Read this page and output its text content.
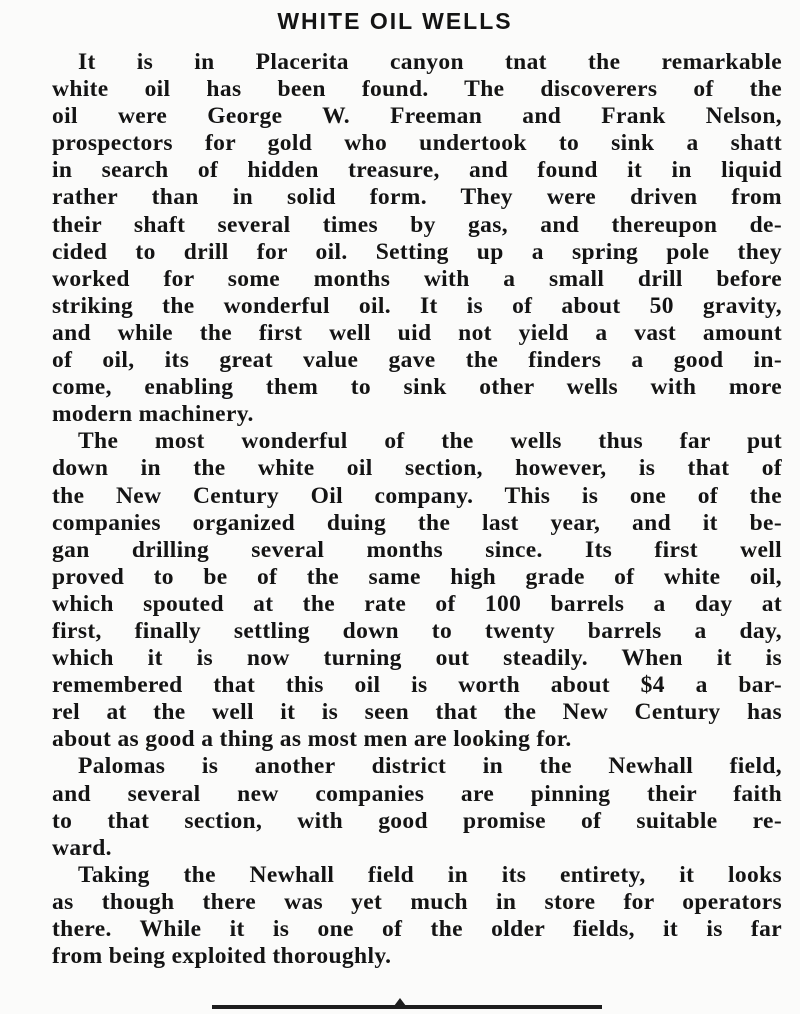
WHITE OIL WELLS
It is in Placerita canyon tnat the remarkable
white oil has been found. The discoverers of the
oil were George W. Freeman and Frank Nelson,
prospectors for gold who undertook to sink a shatt
in search of hidden treasure, and found it in liquid
rather than in solid form. They were driven from
their shaft several times by gas, and thereupon de-
cided to drill for oil. Setting up a spring pole they
worked for some months with a small drill before
striking the wonderful oil. It is of about 50 gravity,
and while the first well uid not yield a vast amount
of oil, its great value gave the finders a good in-
come, enabling them to sink other wells with more
modern machinery.
The most wonderful of the wells thus far put
down in the white oil section, however, is that of
the New Century Oil company. This is one of the
companies organized duing the last year, and it be-
gan drilling several months since. Its first well
proved to be of the same high grade of white oil,
which spouted at the rate of 100 barrels a day at
first, finally settling down to twenty barrels a day,
which it is now turning out steadily. When it is
remembered that this oil is worth about $4 a bar-
rel at the well it is seen that the New Century has
about as good a thing as most men are looking for.
Palomas is another district in the Newhall field,
and several new companies are pinning their faith
to that section, with good promise of suitable re-
ward.
Taking the Newhall field in its entirety, it looks
as though there was yet much in store for operators
there. While it is one of the older fields, it is far
from being exploited thoroughly.
